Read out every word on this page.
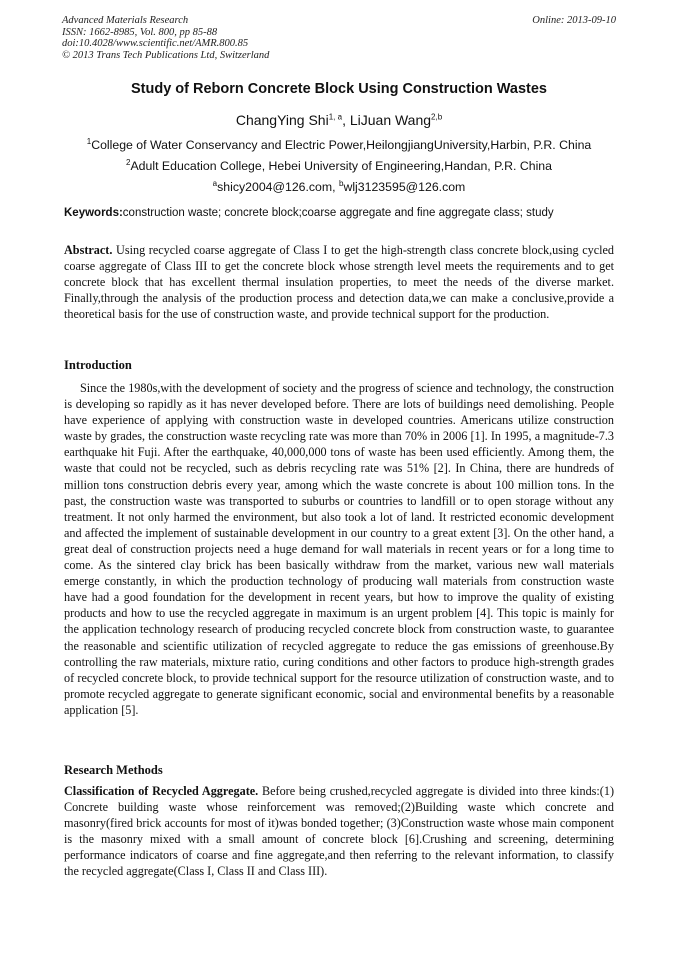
Advanced Materials Research
ISSN: 1662-8985, Vol. 800, pp 85-88
doi:10.4028/www.scientific.net/AMR.800.85
© 2013 Trans Tech Publications Ltd, Switzerland
Online: 2013-09-10
Study of Reborn Concrete Block Using Construction Wastes
ChangYing Shi$^{1, a}$, LiJuan Wang$^{2,b}$
$^1$College of Water Conservancy and Electric Power,HeilongjiangUniversity,Harbin, P.R. China
$^2$Adult Education College, Hebei University of Engineering,Handan, P.R. China
$^a$shicy2004@126.com, $^b$wlj3123595@126.com
Keywords:construction waste; concrete block;coarse aggregate and fine aggregate class; study
Abstract. Using recycled coarse aggregate of Class I to get the high-strength class concrete block,using cycled coarse aggregate of Class III to get the concrete block whose strength level meets the requirements and to get concrete block that has excellent thermal insulation properties, to meet the needs of the diverse market. Finally,through the analysis of the production process and detection data,we can make a conclusive,provide a theoretical basis for the use of construction waste, and provide technical support for the production.
Introduction
Since the 1980s,with the development of society and the progress of science and technology, the construction is developing so rapidly as it has never developed before. There are lots of buildings need demolishing. People have experience of applying with construction waste in developed countries. Americans utilize construction waste by grades, the construction waste recycling rate was more than 70% in 2006 [1]. In 1995, a magnitude-7.3 earthquake hit Fuji. After the earthquake, 40,000,000 tons of waste has been used efficiently. Among them, the waste that could not be recycled, such as debris recycling rate was 51% [2]. In China, there are hundreds of million tons construction debris every year, among which the waste concrete is about 100 million tons. In the past, the construction waste was transported to suburbs or countries to landfill or to open storage without any treatment. It not only harmed the environment, but also took a lot of land. It restricted economic development and affected the implement of sustainable development in our country to a great extent [3]. On the other hand, a great deal of construction projects need a huge demand for wall materials in recent years or for a long time to come. As the sintered clay brick has been basically withdraw from the market, various new wall materials emerge constantly, in which the production technology of producing wall materials from construction waste have had a good foundation for the development in recent years, but how to improve the quality of existing products and how to use the recycled aggregate in maximum is an urgent problem [4]. This topic is mainly for the application technology research of producing recycled concrete block from construction waste, to guarantee the reasonable and scientific utilization of recycled aggregate to reduce the gas emissions of greenhouse.By controlling the raw materials, mixture ratio, curing conditions and other factors to produce high-strength grades of recycled concrete block, to provide technical support for the resource utilization of construction waste, and to promote recycled aggregate to generate significant economic, social and environmental benefits by a reasonable application [5].
Research Methods
Classification of Recycled Aggregate. Before being crushed,recycled aggregate is divided into three kinds:(1) Concrete building waste whose reinforcement was removed;(2)Building waste which concrete and masonry(fired brick accounts for most of it)was bonded together; (3)Construction waste whose main component is the masonry mixed with a small amount of concrete block [6].Crushing and screening, determining performance indicators of coarse and fine aggregate,and then referring to the relevant information, to classify the recycled aggregate(Class I, Class II and Class III).
